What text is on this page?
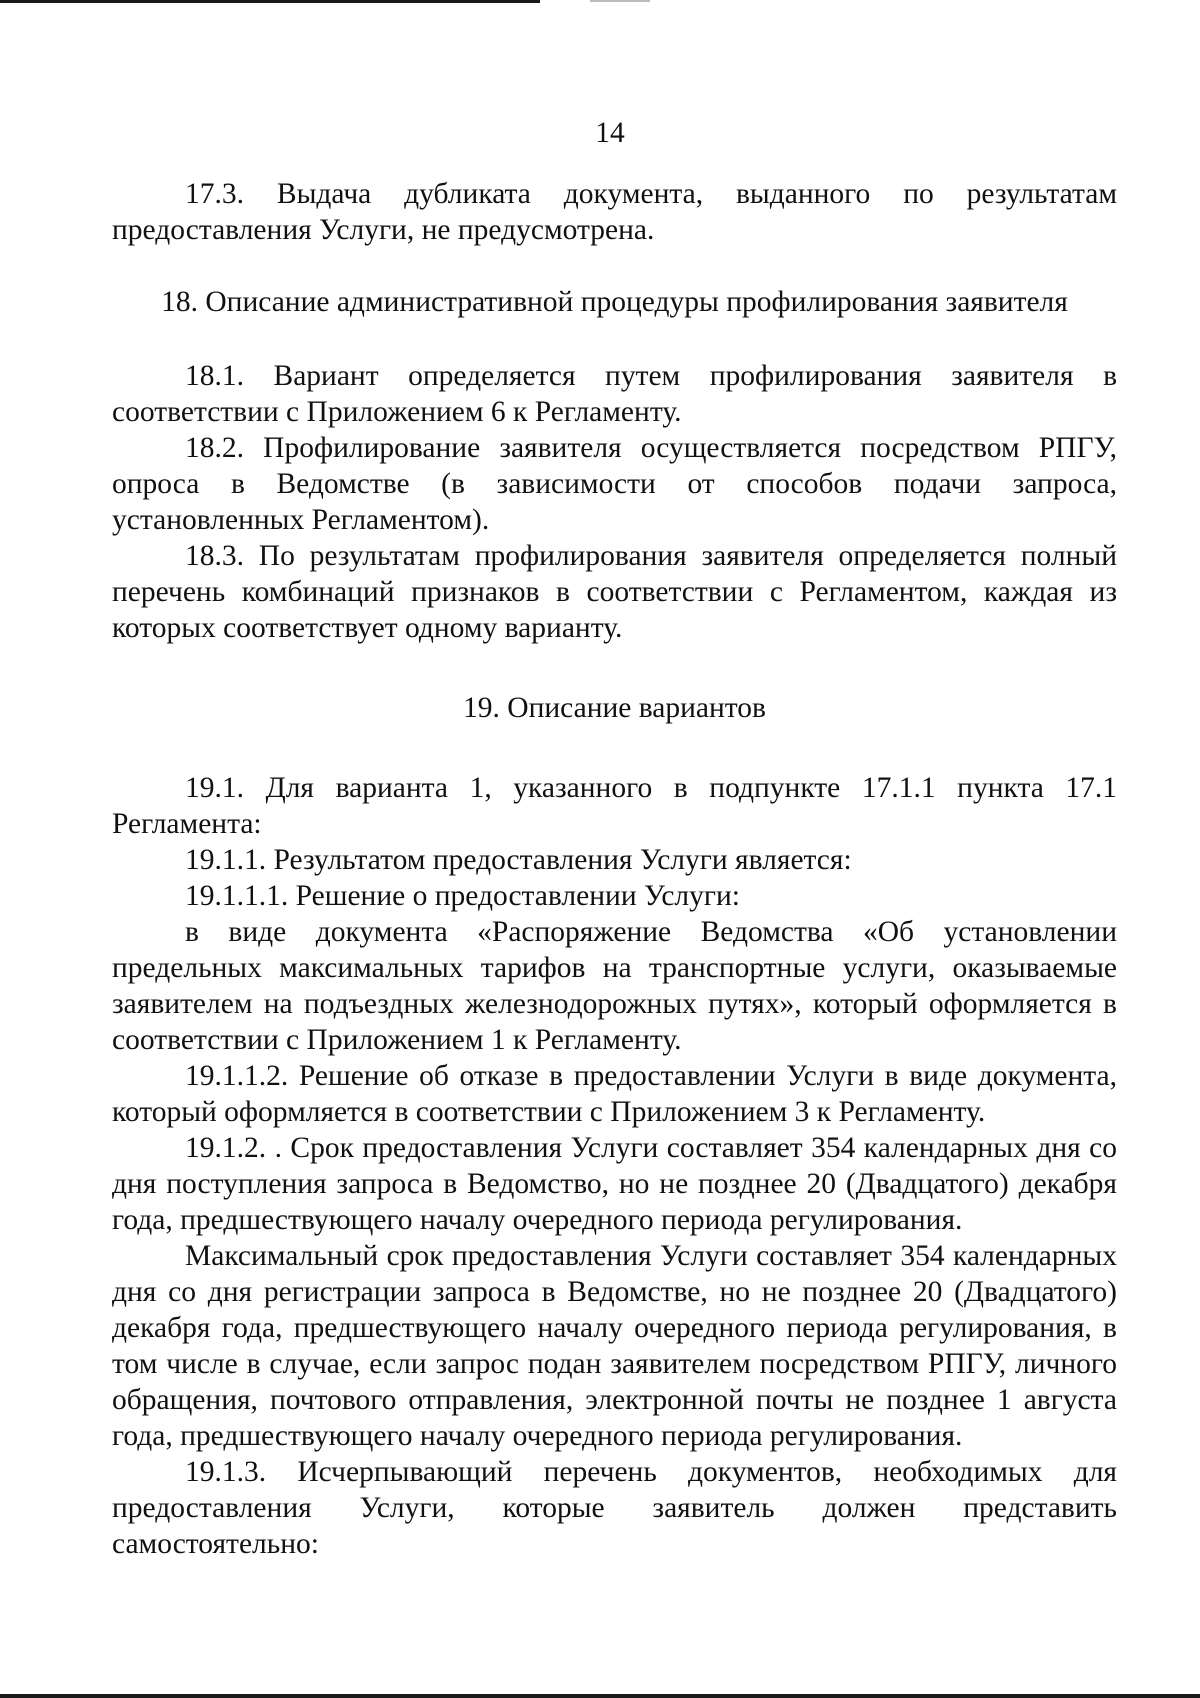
14

17.3. Выдача дубликата документа, выданного по результатам предоставления Услуги, не предусмотрена.

18. Описание административной процедуры профилирования заявителя

18.1. Вариант определяется путем профилирования заявителя в соответствии с Приложением 6 к Регламенту.

18.2. Профилирование заявителя осуществляется посредством РПГУ, опроса в Ведомстве (в зависимости от способов подачи запроса, установленных Регламентом).

18.3. По результатам профилирования заявителя определяется полный перечень комбинаций признаков в соответствии с Регламентом, каждая из которых соответствует одному варианту.

19. Описание вариантов

19.1. Для варианта 1, указанного в подпункте 17.1.1 пункта 17.1 Регламента:

19.1.1. Результатом предоставления Услуги является:

19.1.1.1. Решение о предоставлении Услуги:

в виде документа «Распоряжение Ведомства «Об установлении предельных максимальных тарифов на транспортные услуги, оказываемые заявителем на подъездных железнодорожных путях», который оформляется в соответствии с Приложением 1 к Регламенту.

19.1.1.2. Решение об отказе в предоставлении Услуги в виде документа, который оформляется в соответствии с Приложением 3 к Регламенту.

19.1.2. . Срок предоставления Услуги составляет 354 календарных дня со дня поступления запроса в Ведомство, но не позднее 20 (Двадцатого) декабря года, предшествующего началу очередного периода регулирования.

Максимальный срок предоставления Услуги составляет 354 календарных дня со дня регистрации запроса в Ведомстве, но не позднее 20 (Двадцатого) декабря года, предшествующего началу очередного периода регулирования, в том числе в случае, если запрос подан заявителем посредством РПГУ, личного обращения, почтового отправления, электронной почты не позднее 1 августа года, предшествующего началу очередного периода регулирования.

19.1.3. Исчерпывающий перечень документов, необходимых для предоставления Услуги, которые заявитель должен представить самостоятельно:
